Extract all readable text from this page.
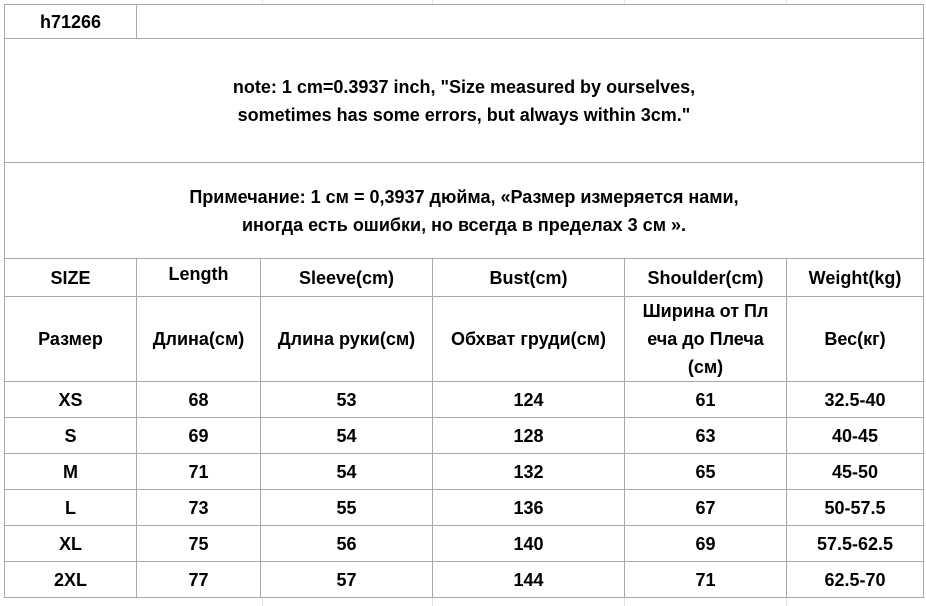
h71266					

note: 1 cm=0.3937 inch, "Size measured by ourselves,
sometimes has some errors, but always within 3cm."					

Примечание: 1 см = 0,3937 дюйма, «Размер измеряется нами,
иногда есть ошибки, но всегда в пределах 3 см ».					

SIZE	Length	Sleeve(cm)	Bust(cm)	Shoulder(cm)	Weight(kg)
Размер	Длина(см)	Длина руки(см)	Обхват груди(см)	Ширина от Пл
еча до Плеча
(см)	Вес(кг)
XS	68	53	124	61	32.5-40
S	69	54	128	63	40-45
M	71	54	132	65	45-50
L	73	55	136	67	50-57.5
XL	75	56	140	69	57.5-62.5
2XL	77	57	144	71	62.5-70
